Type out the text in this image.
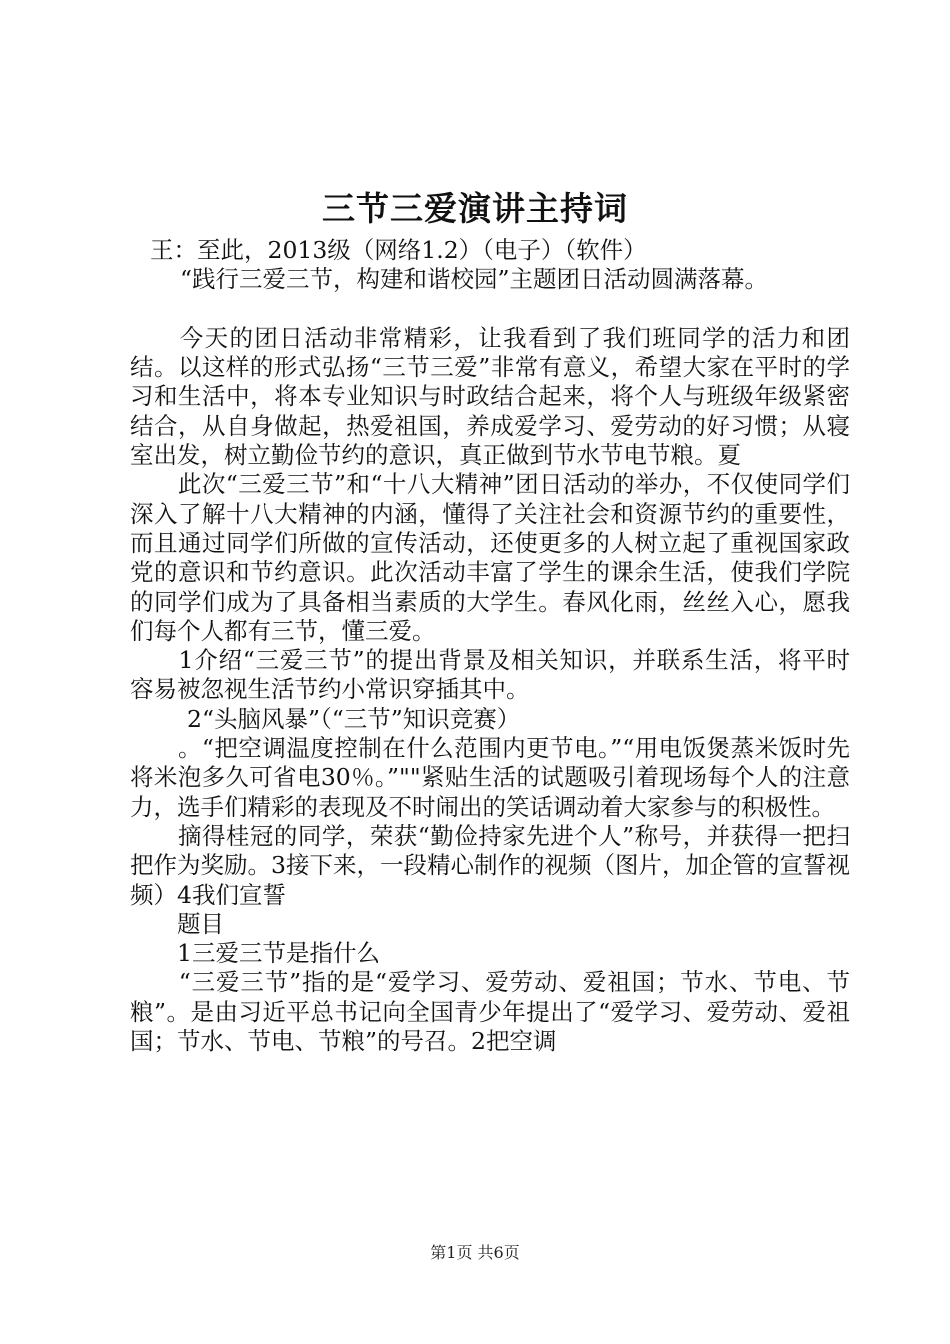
三节三爱演讲主持词
王：至此，2013级（网络1.2）（电子）（软件）
“践行三爱三节，构建和谐校园”主题团日活动圆满落幕。

　　今天的团日活动非常精彩，让我看到了我们班同学的活力和团结。以这样的形式弘扬“三节三爱”非常有意义，希望大家在平时的学习和生活中，将本专业知识与时政结合起来，将个人与班级年级紧密结合，从自身做起，热爱祖国，养成爱学习、爱劳动的好习惯；从寝室出发，树立勤俭节约的意识，真正做到节水节电节粮。夏

　　此次“三爱三节”和“十八大精神”团日活动的举办，不仅使同学们深入了解十八大精神的内涵，懂得了关注社会和资源节约的重要性，而且通过同学们所做的宣传活动，还使更多的人树立起了重视国家政党的意识和节约意识。此次活动丰富了学生的课余生活，使我们学院的同学们成为了具备相当素质的大学生。春风化雨，丝丝入心，愿我们每个人都有三节，懂三爱。

　　1介绍“三爱三节”的提出背景及相关知识，并联系生活，将平时容易被忽视生活节约小常识穿插其中。

　　2“头脑风暴”（“三节”知识竞赛）

　　。“把空调温度控制在什么范围内更节电。”“用电饭煲蒸米饭时先将米泡多久可省电30％。”""紧贴生活的试题吸引着现场每个人的注意力，选手们精彩的表现及不时闹出的笑话调动着大家参与的积极性。

　　摘得桂冠的同学，荣获“勤俭持家先进个人”称号，并获得一把扫把作为奖励。3接下来，一段精心制作的视频（图片，加企管的宣誓视频）4我们宣誓

　　题目

　　1三爱三节是指什么

　　“三爱三节”指的是“爱学习、爱劳动、爱祖国；节水、节电、节粮”。是由习近平总书记向全国青少年提出了“爱学习、爱劳动、爱祖国；节水、节电、节粮”的号召。2把空调

第1页 共6页
